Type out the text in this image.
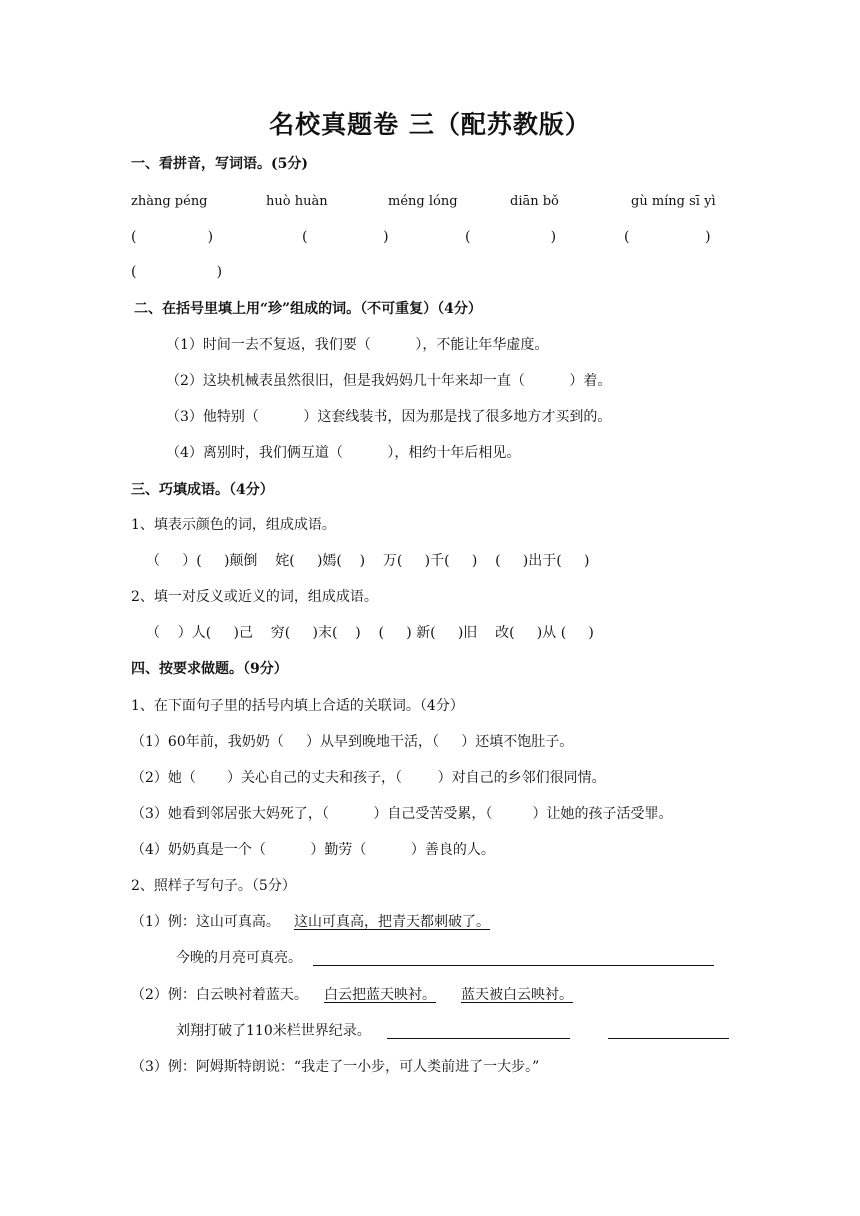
名校真题卷 三（配苏教版）
一、看拼音，写词语。(5分)
zhàng péng	huò huàn	méng lóng	diān bǒ	gù míng sī yì
(                )	(                 )	(                  )	(                 )
(                  )
二、在括号里填上用“珍”组成的词。（不可重复）（4分）
（1）时间一去不复返，我们要（          ），不能让年华虚度。
（2）这块机械表虽然很旧，但是我妈妈几十年来却一直（          ）着。
（3）他特别（          ）这套线装书，因为那是找了很多地方才买到的。
（4）离别时，我们俩互道（          ），相约十年后相见。
三、巧填成语。（4分）
1、填表示颜色的词，组成成语。
（     ）(     )颠倒    姹(     )嫣(    )    万(     )千(     )    (     )出于(     )
2、填一对反义或近义的词，组成成语。
（    ）人(     )己    穷(     )末(    )    (     ) 新(     )旧    改(     )从 (     )
四、按要求做题。（9分）
1、在下面句子里的括号内填上合适的关联词。（4分）
（1）60年前，我奶奶（     ）从早到晚地干活，（     ）还填不饱肚子。
（2）她（       ）关心自己的丈夫和孩子，（        ）对自己的乡邻们很同情。
（3）她看到邻居张大妈死了，（          ）自己受苦受累，（         ）让她的孩子活受罪。
（4）奶奶真是一个（          ）勤劳（          ）善良的人。
2、照样子写句子。（5分）
（1）例：这山可真高。 这山可真高，把青天都刺破了。
今晚的月亮可真亮。
（2）例：白云映衬着蓝天。 白云把蓝天映衬。 蓝天被白云映衬。
刘翔打破了110米栏世界纪录。
（3）例：阿姆斯特朗说：“我走了一小步，可人类前进了一大步。”
